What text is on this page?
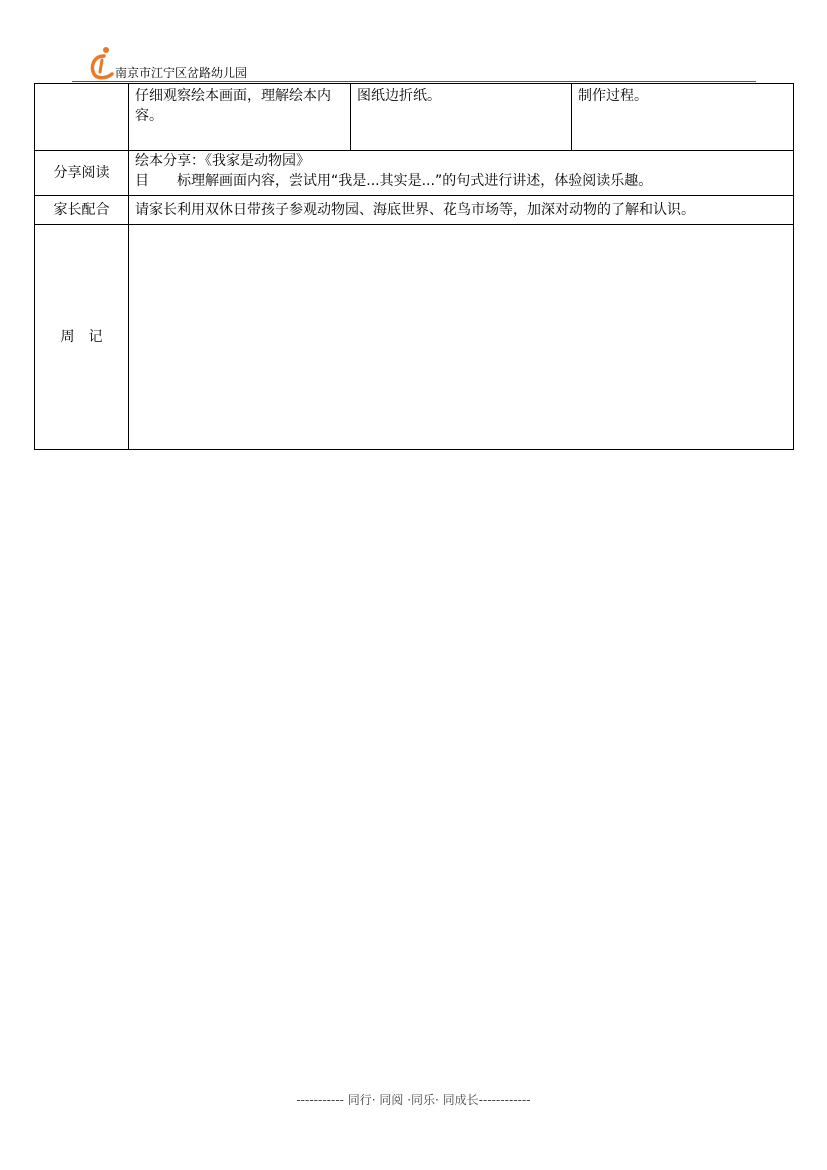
南京市江宁区岔路幼儿园
	仔细观察绘本画面，理解绘本内容。	图纸边折纸。	制作过程。
分享阅读	绘本分享：《我家是动物园》
目　　标理解画面内容，尝试用“我是...其实是...”的句式进行讲述，体验阅读乐趣。		

家长配合	请家长利用双休日带孩子参观动物园、海底世界、花鸟市场等，加深对动物的了解和认识。		
周　记			
----------- 同行· 同阅 ·同乐· 同成长------------
